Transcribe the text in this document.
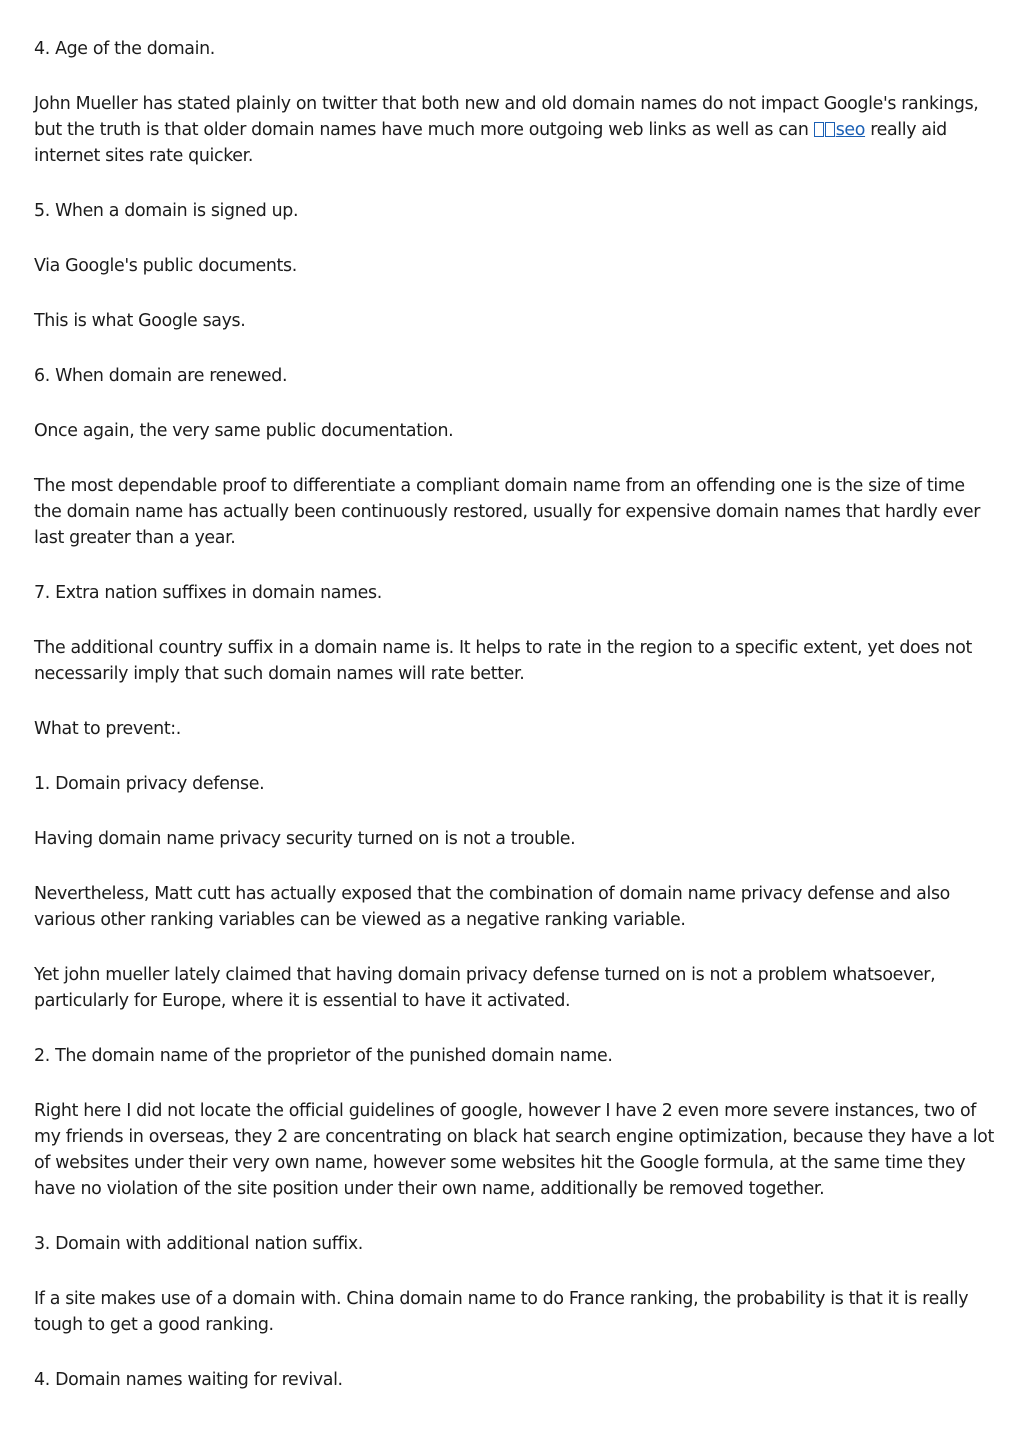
4. Age of the domain.

John Mueller has stated plainly on twitter that both new and old domain names do not impact Google's rankings, but the truth is that older domain names have much more outgoing web links as well as can seo really aid internet sites rate quicker.

5. When a domain is signed up.

Via Google's public documents.

This is what Google says.

6. When domain are renewed.

Once again, the very same public documentation.

The most dependable proof to differentiate a compliant domain name from an offending one is the size of time the domain name has actually been continuously restored, usually for expensive domain names that hardly ever last greater than a year.

7. Extra nation suffixes in domain names.

The additional country suffix in a domain name is. It helps to rate in the region to a specific extent, yet does not necessarily imply that such domain names will rate better.

What to prevent:.

1. Domain privacy defense.

Having domain name privacy security turned on is not a trouble.

Nevertheless, Matt cutt has actually exposed that the combination of domain name privacy defense and also various other ranking variables can be viewed as a negative ranking variable.

Yet john mueller lately claimed that having domain privacy defense turned on is not a problem whatsoever, particularly for Europe, where it is essential to have it activated.

2. The domain name of the proprietor of the punished domain name.

Right here I did not locate the official guidelines of google, however I have 2 even more severe instances, two of my friends in overseas, they 2 are concentrating on black hat search engine optimization, because they have a lot of websites under their very own name, however some websites hit the Google formula, at the same time they have no violation of the site position under their own name, additionally be removed together.

3. Domain with additional nation suffix.

If a site makes use of a domain with. China domain name to do France ranking, the probability is that it is really tough to get a good ranking.

4. Domain names waiting for revival.
